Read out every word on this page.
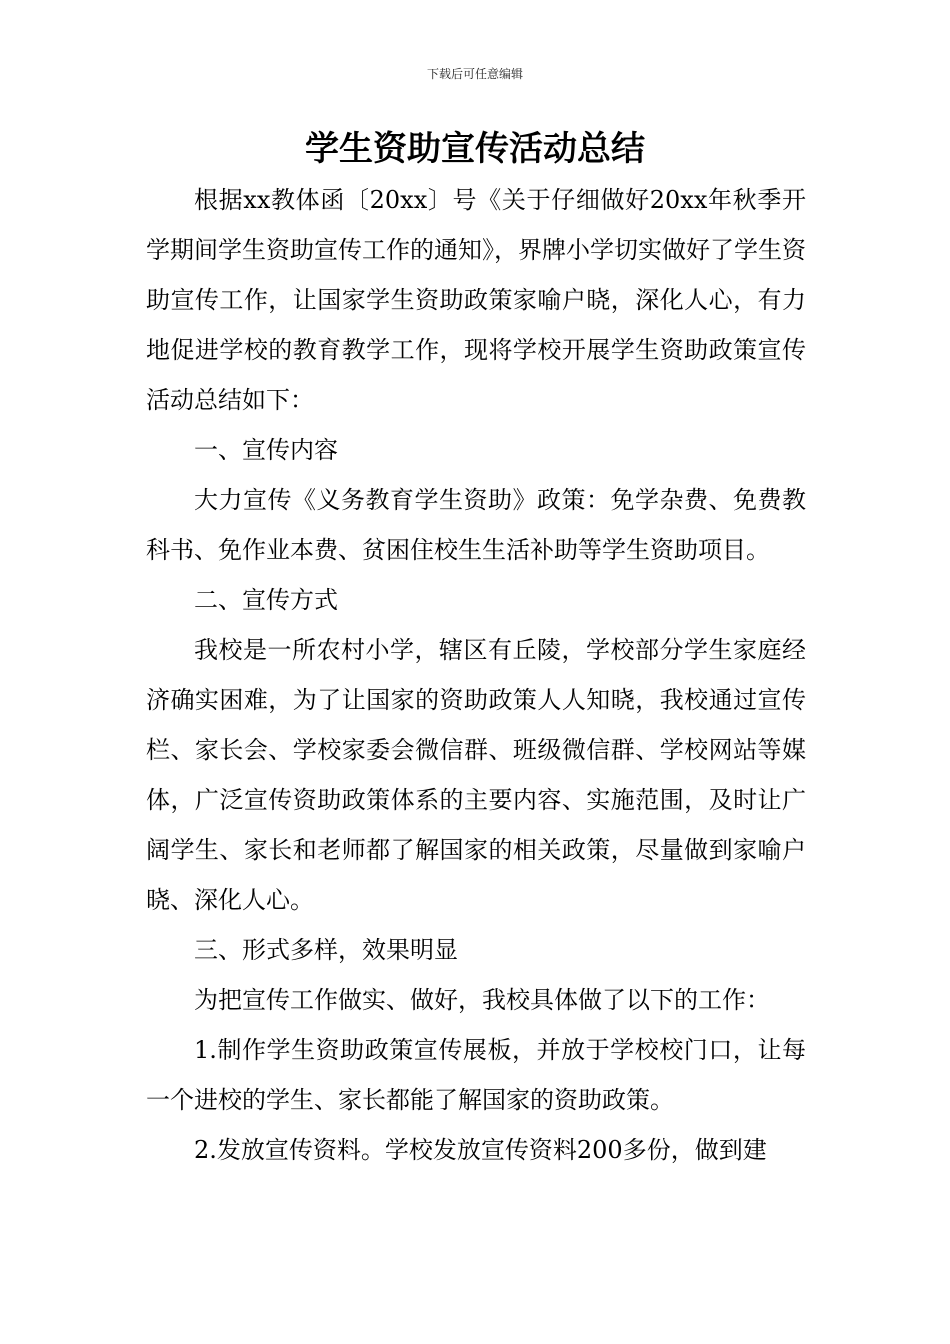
下载后可任意编辑
学生资助宣传活动总结

根据xx教体函〔20xx〕号《关于仔细做好20xx年秋季开学期间学生资助宣传工作的通知》，界牌小学切实做好了学生资助宣传工作，让国家学生资助政策家喻户晓，深化人心，有力地促进学校的教育教学工作，现将学校开展学生资助政策宣传活动总结如下：

一、宣传内容

大力宣传《义务教育学生资助》政策：免学杂费、免费教科书、免作业本费、贫困住校生生活补助等学生资助项目。

二、宣传方式

我校是一所农村小学，辖区有丘陵，学校部分学生家庭经济确实困难，为了让国家的资助政策人人知晓，我校通过宣传栏、家长会、学校家委会微信群、班级微信群、学校网站等媒体，广泛宣传资助政策体系的主要内容、实施范围，及时让广阔学生、家长和老师都了解国家的相关政策，尽量做到家喻户晓、深化人心。

三、形式多样，效果明显

为把宣传工作做实、做好，我校具体做了以下的工作：

1.制作学生资助政策宣传展板，并放于学校校门口，让每一个进校的学生、家长都能了解国家的资助政策。

2.发放宣传资料。学校发放宣传资料200多份，做到建
